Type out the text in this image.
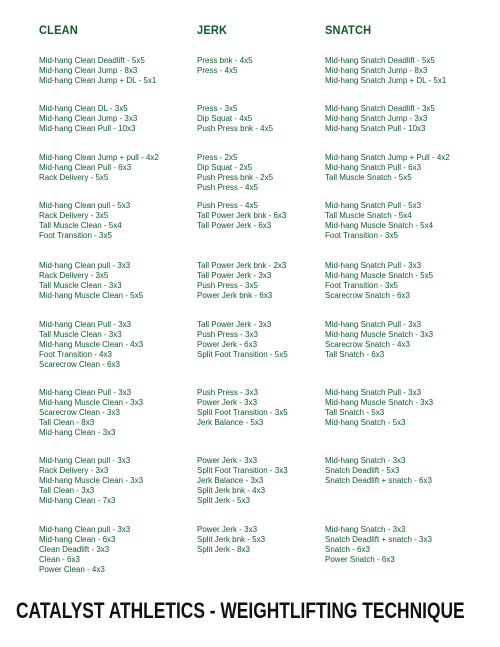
CLEAN	JERK	SNATCH
Mid-hang Clean Deadlift - 5x5
Mid-hang Clean Jump - 8x3
Mid-hang Clean Jump + DL - 5x1
Press bnk - 4x5
Press - 4x5
Mid-hang Snatch Deadlift - 5x5
Mid-hang Snatch Jump - 8x3
Mid-hang Snatch Jump + DL - 5x1
Mid-hang Clean DL - 3x5
Mid-hang Clean Jump - 3x3
Mid-hang Clean Pull - 10x3
Press - 3x5
Dip Squat - 4x5
Push Press bnk - 4x5
Mid-hang Snatch Deadlift - 3x5
Mid-hang Snatch Jump - 3x3
Mid-hang Snatch Pull - 10x3
Mid-hang Clean Jump + pull - 4x2
Mid-hang Clean Pull - 6x3
Rack Delivery - 5x5
Press - 2x5
Dip Squat - 2x5
Push Press bnk - 2x5
Push Press - 4x5
Mid-hang Snatch Jump + Pull - 4x2
Mid-hang Snatch Pull - 6x3
Tall Muscle Snatch - 5x5
Mid-hang Clean pull - 5x3
Rack Delivery - 3x5
Tall Muscle Clean - 5x4
Foot Transition - 3x5
Push Press - 4x5
Tall Power Jerk bnk - 6x3
Tall Power Jerk - 6x3
Mid-hang Snatch Pull - 5x3
Tall Muscle Snatch - 5x4
Mid-hang Muscle Snatch - 5x4
Foot Transition - 3x5
Mid-hang Clean pull - 3x3
Rack Delivery - 3x5
Tall Muscle Clean - 3x3
Mid-hang Muscle Clean - 5x5
Tall Power Jerk bnk - 2x3
Tall Power Jerk - 3x3
Push Press - 3x5
Power Jerk bnk - 6x3
Mid-hang Snatch Pull - 3x3
Mid-hang Muscle Snatch - 5x5
Foot Transition - 3x5
Scarecrow Snatch - 6x3
Mid-hang Clean Pull - 3x3
Tall Muscle Clean - 3x3
Mid-hang Muscle Clean - 4x3
Foot Transition - 4x3
Scarecrow Clean - 6x3
Tall Power Jerk - 3x3
Push Press - 3x3
Power Jerk - 6x3
Split Foot Transition - 5x5
Mid-hang Snatch Pull - 3x3
Mid-hang Muscle Snatch - 3x3
Scarecrow Snatch - 4x3
Tall Snatch - 6x3
Mid-hang Clean Pull - 3x3
Mid-hang Muscle Clean - 3x3
Scarecrow Clean - 3x3
Tall Clean - 8x3
Mid-hang Clean - 3x3
Push Press - 3x3
Power Jerk - 3x3
Split Foot Transition - 3x5
Jerk Balance - 5x3
Mid-hang Snatch Pull - 3x3
Mid-hang Muscle Snatch - 3x3
Tall Snatch - 5x3
Mid-hang Snatch - 5x3
Mid-hang Clean pull - 3x3
Rack Delivery - 3x3
Mid-hang Muscle Clean - 3x3
Tall Clean - 3x3
Mid-hang Clean - 7x3
Power Jerk - 3x3
Split Foot Transition - 3x3
Jerk Balance - 3x3
Split Jerk bnk - 4x3
Split Jerk - 5x3
Mid-hang Snatch - 3x3
Snatch Deadlift - 5x3
Snatch Deadlift + snatch - 6x3
Mid-hang Clean pull - 3x3
Mid-hang Clean - 6x3
Clean Deadlift - 3x3
Clean - 6x3
Power Clean - 4x3
Power Jerk - 3x3
Split Jerk bnk - 5x3
Split Jerk - 8x3
Mid-hang Snatch - 3x3
Snatch Deadlift + snatch - 3x3
Snatch - 6x3
Power Snatch - 6x3
CATALYST ATHLETICS - WEIGHTLIFTING TECHNIQUE
